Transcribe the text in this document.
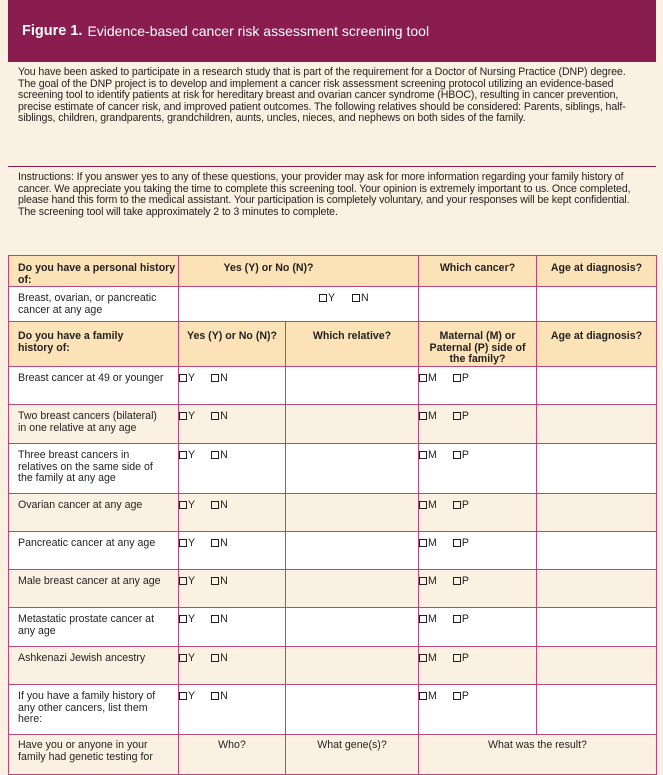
Figure 1. Evidence-based cancer risk assessment screening tool

You have been asked to participate in a research study that is part of the requirement for a Doctor of Nursing Practice (DNP) degree. The goal of the DNP project is to develop and implement a cancer risk assessment screening protocol utilizing an evidence-based screening tool to identify patients at risk for hereditary breast and ovarian cancer syndrome (HBOC), resulting in cancer prevention, precise estimate of cancer risk, and improved patient outcomes. The following relatives should be considered: Parents, siblings, half-siblings, children, grandparents, grandchildren, aunts, uncles, nieces, and nephews on both sides of the family.

Instructions: If you answer yes to any of these questions, your provider may ask for more information regarding your family history of cancer. We appreciate you taking the time to complete this screening tool. Your opinion is extremely important to us. Once completed, please hand this form to the medical assistant. Your participation is completely voluntary, and your responses will be kept confidential. The screening tool will take approximately 2 to 3 minutes to complete.

Do you have a personal history of:	Yes (Y) or No (N)?		Which cancer?	Age at diagnosis?
Breast, ovarian, or pancreatic cancer at any age	Y N			
Do you have a family history of:	Yes (Y) or No (N)?	Which relative?	Maternal (M) or Paternal (P) side of the family?	Age at diagnosis?
Breast cancer at 49 or younger	Y N		M P	
Two breast cancers (bilateral) in one relative at any age	Y N		M P	
Three breast cancers in relatives on the same side of the family at any age	Y N		M P	
Ovarian cancer at any age	Y N		M P	
Pancreatic cancer at any age	Y N		M P	
Male breast cancer at any age	Y N		M P	
Metastatic prostate cancer at any age	Y N		M P	
Ashkenazi Jewish ancestry	Y N		M P	
If you have a family history of any other cancers, list them here:	Y N		M P	
Have you or anyone in your family had genetic testing for	Who?	What gene(s)?	What was the result?	
